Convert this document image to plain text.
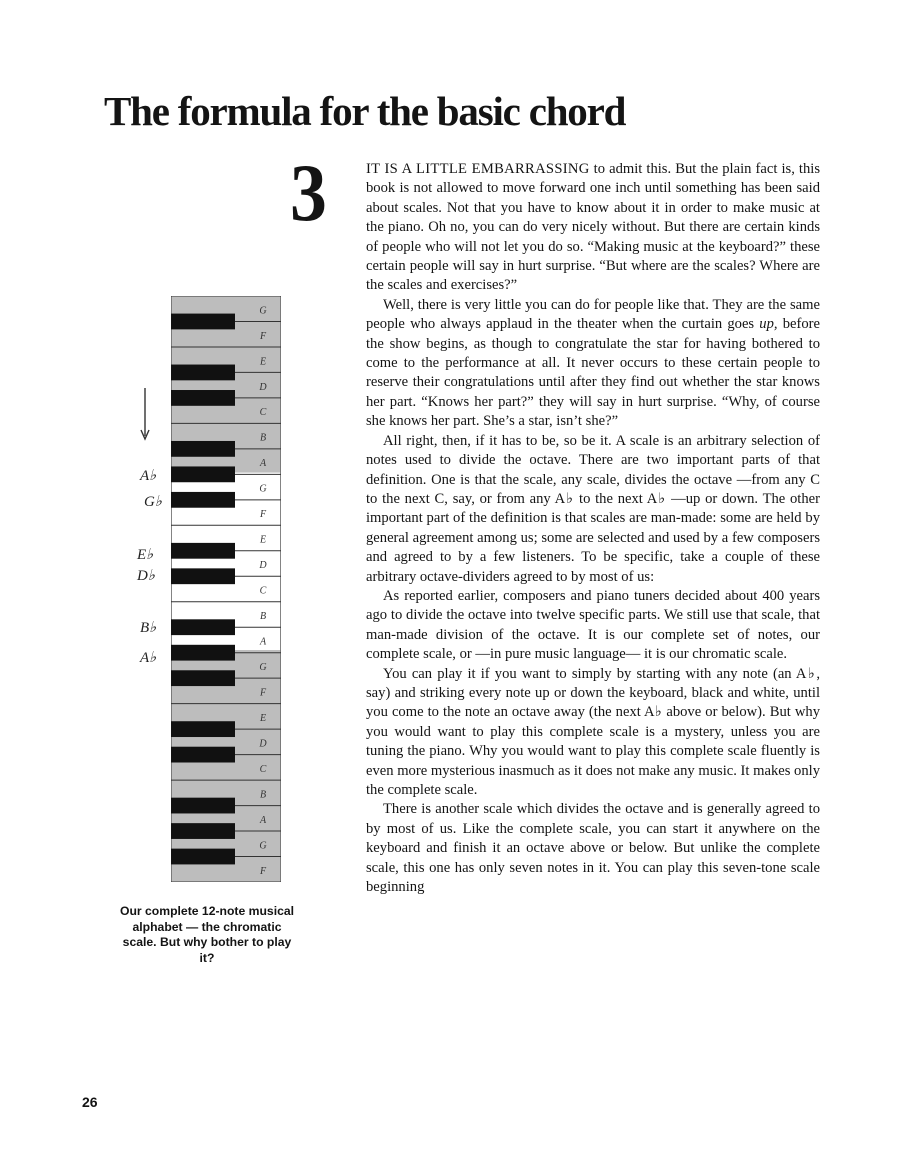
The formula for the basic chord
3	IT IS A LITTLE EMBARRASSING to admit this. But the plain fact is, this book is not allowed to move forward one inch until something has been said about scales. Not that you have to know about it in order to make music at the piano. Oh no, you can do very nicely without. But there are certain kinds of people who will not let you do so. “Making music at the keyboard?” these certain people will say in hurt surprise. “But where are the scales? Where are the scales and exercises?”

Well, there is very little you can do for people like that. They are the same people who always applaud in the theater when the curtain goes up, before the show begins, as though to congratulate the star for having bothered to come to the performance at all. It never occurs to these certain people to reserve their congratulations until after they find out whether the star knows her part. “Knows her part?” they will say in hurt surprise. “Why, of course she knows her part. She’s a star, isn’t she?”

All right, then, if it has to be, so be it. A scale is an arbitrary selection of notes used to divide the octave. There are two important parts of that definition. One is that the scale, any scale, divides the octave —from any C to the next C, say, or from any A♭ to the next A♭ —up or down. The other important part of the definition is that scales are man-made: some are held by general agreement among us; some are selected and used by a few composers and agreed to by a few listeners. To be specific, take a couple of these arbitrary octave-dividers agreed to by most of us:

As reported earlier, composers and piano tuners decided about 400 years ago to divide the octave into twelve specific parts. We still use that scale, that man-made division of the octave. It is our complete set of notes, our complete scale, or —in pure music language— it is our chromatic scale.

You can play it if you want to simply by starting with any note (an A♭, say) and striking every note up or down the keyboard, black and white, until you come to the note an octave away (the next A♭ above or below). But why you would want to play this complete scale is a mystery, unless you are tuning the piano. Why you would want to play this complete scale fluently is even more mysterious inasmuch as it does not make any music. It makes only the complete scale.

There is another scale which divides the octave and is generally agreed to by most of us. Like the complete scale, you can start it anywhere on the keyboard and finish it an octave above or below. But unlike the complete scale, this one has only seven notes in it. You can play this seven-tone scale beginning

A♭
G♭
E♭
D♭
B♭
A♭
G
F
E
D
C
B
A
G
F
E
D
C
B
A
G
F
E
D
C
B
A
G
F
Our complete 12-note musical alphabet — the chromatic scale. But why bother to play it?
26
